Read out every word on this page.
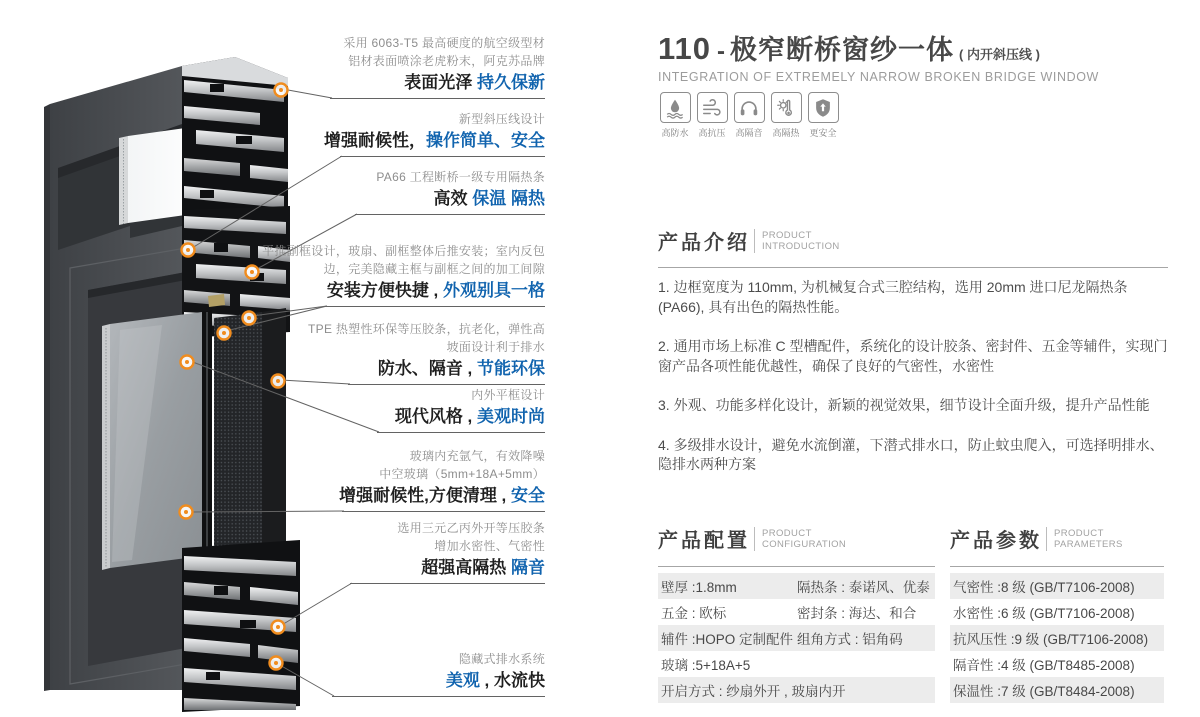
采用 6063-T5 最高硬度的航空级型材
铝材表面喷涂老虎粉末，阿克苏品牌
表面光泽 持久保新
新型斜压线设计
增强耐候性，操作简单、安全
PA66 工程断桥一级专用隔热条
高效 保温 隔热
平推副框设计，玻扇、副框整体后推安装；室内反包
边，完美隐藏主框与副框之间的加工间隙
安装方便快捷 , 外观别具一格
TPE 热塑性环保等压胶条，抗老化，弹性高
坡面设计利于排水
防水、隔音 , 节能环保
内外平框设计
现代风格 , 美观时尚
玻璃内充氩气，有效降噪
中空玻璃（5mm+18A+5mm）
增强耐候性,方便清理 , 安全
选用三元乙丙外开等压胶条
增加水密性、气密性
超强高隔热 隔音
隐藏式排水系统
美观 , 水流快
110 - 极窄断桥窗纱一体 ( 内开斜压线 )
INTEGRATION OF EXTREMELY NARROW BROKEN BRIDGE WINDOW
高防水 高抗压 高隔音 高隔热 更安全
产品介绍 PRODUCT
INTRODUCTION

1. 边框宽度为 110mm, 为机械复合式三腔结构，选用 20mm 进口尼龙隔热条 (PA66), 具有出色的隔热性能。

2. 通用市场上标准 C 型槽配件，系统化的设计胶条、密封件、五金等辅件，实现门窗产品各项性能优越性，确保了良好的气密性，水密性

3. 外观、功能多样化设计，新颖的视觉效果，细节设计全面升级，提升产品性能

4. 多级排水设计，避免水流倒灌，下潜式排水口，防止蚊虫爬入，可选择明排水、隐排水两种方案

产品配置 PRODUCT
CONFIGURATION
壁厚 :1.8mm	隔热条 : 泰诺风、优泰
五金 : 欧标	密封条 : 海达、和合
辅件 :HOPO 定制配件 组角方式 : 铝角码
玻璃 :5+18A+5
开启方式 : 纱扇外开 , 玻扇内开
产品参数 PRODUCT
PARAMETERS
气密性 :8 级 (GB/T7106-2008)
水密性 :6 级 (GB/T7106-2008)
抗风压性 :9 级 (GB/T7106-2008)
隔音性 :4 级 (GB/T8485-2008)
保温性 :7 级 (GB/T8484-2008)
